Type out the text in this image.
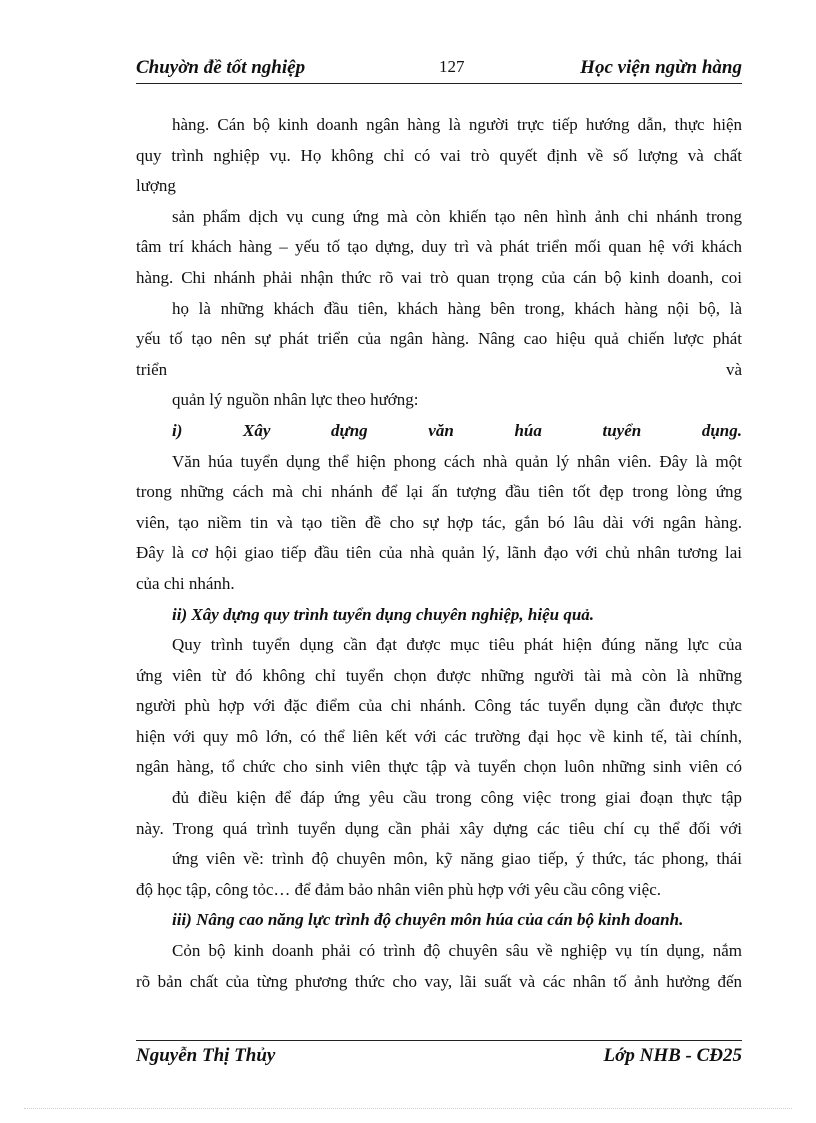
Chuyờn đề tốt nghiệp	127	Học viện ngừn hàng
hàng. Cán bộ kinh doanh ngân hàng là người trực tiếp hướng dẫn, thực hiện
quy trình nghiệp vụ. Họ không chỉ có vai trò quyết định về số lượng và chất
lượng
sản phẩm dịch vụ cung ứng mà còn khiến tạo nên hình ảnh chi nhánh trong
tâm trí khách hàng – yếu tố tạo dựng, duy trì và phát triển mối quan hệ với khách
hàng. Chi nhánh phải nhận thức rõ vai trò quan trọng của cán bộ kinh doanh, coi
họ là những khách đầu tiên, khách hàng bên trong, khách hàng nội bộ, là
yếu tố tạo nên sự phát triển của ngân hàng. Nâng cao hiệu quả chiến lược phát
triển và
quản lý nguồn nhân lực theo hướng:
i) Xây dựng văn húa tuyển dụng.
Văn húa tuyển dụng thể hiện phong cách nhà quản lý nhân viên. Đây là một
trong những cách mà chi nhánh để lại ấn tượng đầu tiên tốt đẹp trong lòng ứng
viên, tạo niềm tin và tạo tiền đề cho sự hợp tác, gắn bó lâu dài với ngân hàng.
Đây là cơ hội giao tiếp đầu tiên của nhà quản lý, lãnh đạo với chủ nhân tương lai
của chi nhánh.
ii) Xây dựng quy trình tuyển dụng chuyên nghiệp, hiệu quả.
Quy trình tuyển dụng cần đạt được mục tiêu phát hiện đúng năng lực của
ứng viên từ đó không chỉ tuyển chọn được những người tài mà còn là những
người phù hợp với đặc điểm của chi nhánh. Công tác tuyển dụng cần được thực
hiện với quy mô lớn, có thể liên kết với các trường đại học về kinh tế, tài chính,
ngân hàng, tổ chức cho sinh viên thực tập và tuyển chọn luôn những sinh viên có
đủ điều kiện để đáp ứng yêu cầu trong công việc trong giai đoạn thực tập
này. Trong quá trình tuyển dụng cần phải xây dựng các tiêu chí cụ thể đối với
ứng viên về: trình độ chuyên môn, kỹ năng giao tiếp, ý thức, tác phong, thái
độ học tập, công tỏc… để đảm bảo nhân viên phù hợp với yêu cầu công việc.
iii) Nâng cao năng lực trình độ chuyên môn húa của cán bộ kinh doanh.
Cỏn bộ kinh doanh phải có trình độ chuyên sâu về nghiệp vụ tín dụng, nắm
rõ bản chất của từng phương thức cho vay, lãi suất và các nhân tố ảnh hưởng đến
Nguyễn Thị Thủy	Lớp NHB - CĐ25
